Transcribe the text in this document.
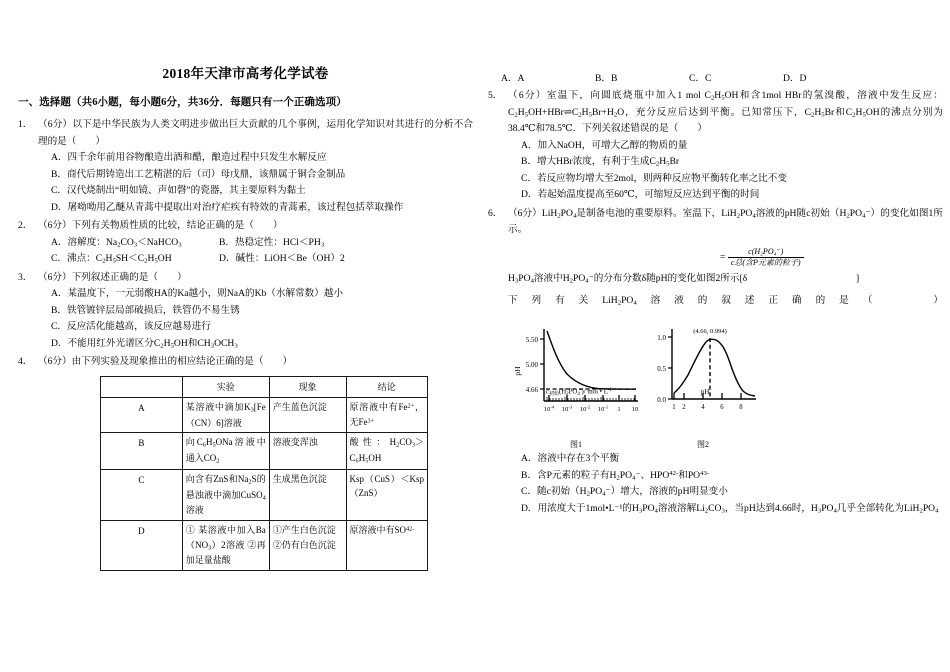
2018年天津市高考化学试卷
一、选择题（共6小题，每小题6分，共36分．每题只有一个正确选项）
1． （6分）以下是中华民族为人类文明进步做出巨大贡献的几个事例，运用化学知识对其进行的分析不合理的是（　　）
A．四千余年前用谷物酿造出酒和醋，酿造过程中只发生水解反应
B．商代后期铸造出工艺精湛的后（司）母戊鼎，该鼎属于铜合金制品
C．汉代烧制出“明如镜、声如磬”的瓷器，其主要原料为黏土
D．屠呦呦用乙醚从青蒿中提取出对治疗疟疾有特效的青蒿素，该过程包括萃取操作
2． （6分）下列有关物质性质的比较，结论正确的是（　　）
A．溶解度：$Na_2CO_3<NaHCO_3$	B．热稳定性：$HCl<PH_3$
C．沸点：$C_2H_5SH<C_2H_5OH$	D．碱性：LiOH＜Be（OH）2
3． （6分）下列叙述正确的是（　　）
A．某温度下，一元弱酸HA的Ka越小，则NaA的Kb（水解常数）越小
B．铁管镀锌层局部破损后，铁管仍不易生锈
C．反应活化能越高，该反应越易进行
D．不能用红外光谱区分$C_2H_5OH$和$CH_3OCH_3$
4． （6分）由下列实验及现象推出的相应结论正确的是（　　）
	实验	现象	结论
A	某溶液中滴加$K_3[Fe(CN)6]$溶液	产生蓝色沉淀	原溶液中有$Fe^{2+}$，无$Fe^{3+}$
B	向$C_6H_5ONa$溶液中通入$CO_2$	溶液变浑浊	酸性：$H_2CO_3>C_6H_5OH$
C	向含有ZnS和$Na_2S$的悬浊液中滴加CuSO$_4$溶液	生成黑色沉淀	Ksp（CuS）＜Ksp（ZnS）
D	① 某溶液中加入$Ba(NO_3)2$溶液 ②再加足量盐酸	①产生白色沉淀 ②仍有白色沉淀	原溶液中有$SO^{42-}$
A．A	B．B	C．C	D．D
5． （6分）室温下，向圆底烧瓶中加入1 mol $C_2H_5OH$和含1mol HBr的氢溴酸，溶液中发生反应：$C_2H_5OH+HBr\rightleftharpoons C_2H_5Br+H_2O$，充分反应后达到平衡。已知常压下，$C_2H_5Br$和$C_2H_5OH$的沸点分别为38.4℃和78.5℃．下列关叙述错误的是（　　）
A．加入NaOH，可增大乙醇的物质的量
B．增大HBr浓度，有利于生成$C_2H_5Br$
C．若反应物均增大至2mol，则两种反应物平衡转化率之比不变
D．若起始温度提高至60℃，可缩短反应达到平衡的时间
6． （6分）$LiH_2PO_4$是制备电池的重要原料。室温下，$LiH_2PO_4$溶液的pH随c初始$(H_2PO_4^-)$的变化如图1所示。
$H_3PO_4$溶液中$H_2PO_4^-$的分布分数δ随pH的变化如图2所示[δ
= $\frac{\text{c(H₂PO₄⁻)}}{\text{c总(含P元素的粒子)}}$
]
下列有关$LiH_2PO_4$溶液的叙述正确的是（　　）
5.50
5.00
4.66
pH
$10^{-4}$ $10^{-3}$ $10^{-2}$ $10^{-1}$ 1 10
图1
$c_{初始}(H_2PO_4^-)/$ mol • $L^{-1}$
1.0
0.5
0.0
1 2 4 6 8
(4.66, 0.994)
图2
pH
A．溶液中存在3个平衡
B．含P元素的粒子有$H_2PO_4^-$、$HPO^{42-}$和$PO^{43-}$
C．随c初始$(H_2PO_4^-)$增大，溶液的pH明显变小
D．用浓度大于1mol•L⁻¹的$H_3PO_4$溶液溶解$Li_2CO_3$，当pH达到4.66时，$H_3PO_4$几乎全部转化为$LiH_2PO_4$
